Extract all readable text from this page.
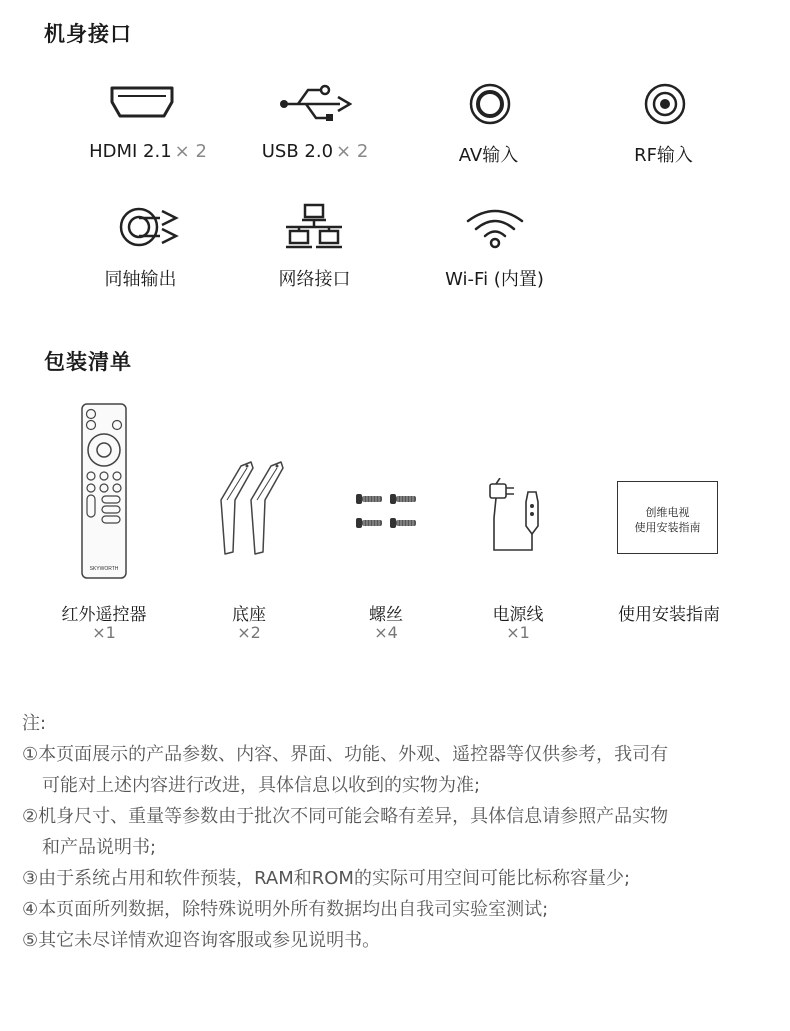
机身接口
HDMI 2.1 × 2	USB 2.0 × 2	AV输入	RF输入
同轴输出	网络接口	Wi-Fi (内置)
包装清单
SKYWORTH
红外遥控器
×1
底座
×2
螺丝
×4
电源线
×1
创维电视
使用安装指南
使用安装指南
注:
①本页面展示的产品参数、内容、界面、功能、外观、遥控器等仅供参考，我司有
可能对上述内容进行改进，具体信息以收到的实物为准;
②机身尺寸、重量等参数由于批次不同可能会略有差异，具体信息请参照产品实物
和产品说明书;
③由于系统占用和软件预装，RAM和ROM的实际可用空间可能比标称容量少;
④本页面所列数据，除特殊说明外所有数据均出自我司实验室测试;
⑤其它未尽详情欢迎咨询客服或参见说明书。
